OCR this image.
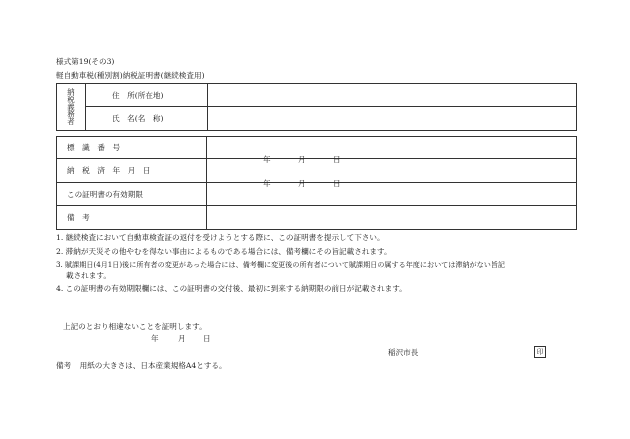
様式第19(その3)
軽自動車税(種別割)納税証明書(継続検査用)
納税義務者	住　所(所在地)	

	氏　名(名　称)	

標　識　番　号	

納　税　済　年　月　日	年 月 日

この証明書の有効期限	年 月 日

備　考	

1. 継続検査において自動車検査証の返付を受けようとする際に、この証明書を提示して下さい。
2. 滞納が天災その他やむを得ない事由によるものである場合には、備考欄にその旨記載されます。
3. 賦課期日(4月1日)後に所有者の変更があった場合には、備考欄に変更後の所有者について賦課期日の属する年度においては滞納がない旨記
載されます。
4. この証明書の有効期限欄には、この証明書の交付後、最初に到来する納期限の前日が記載されます。
上記のとおり相違ないことを証明します。
年	月 日
稲沢市長	印
備考 用紙の大きさは、日本産業規格A4とする。
